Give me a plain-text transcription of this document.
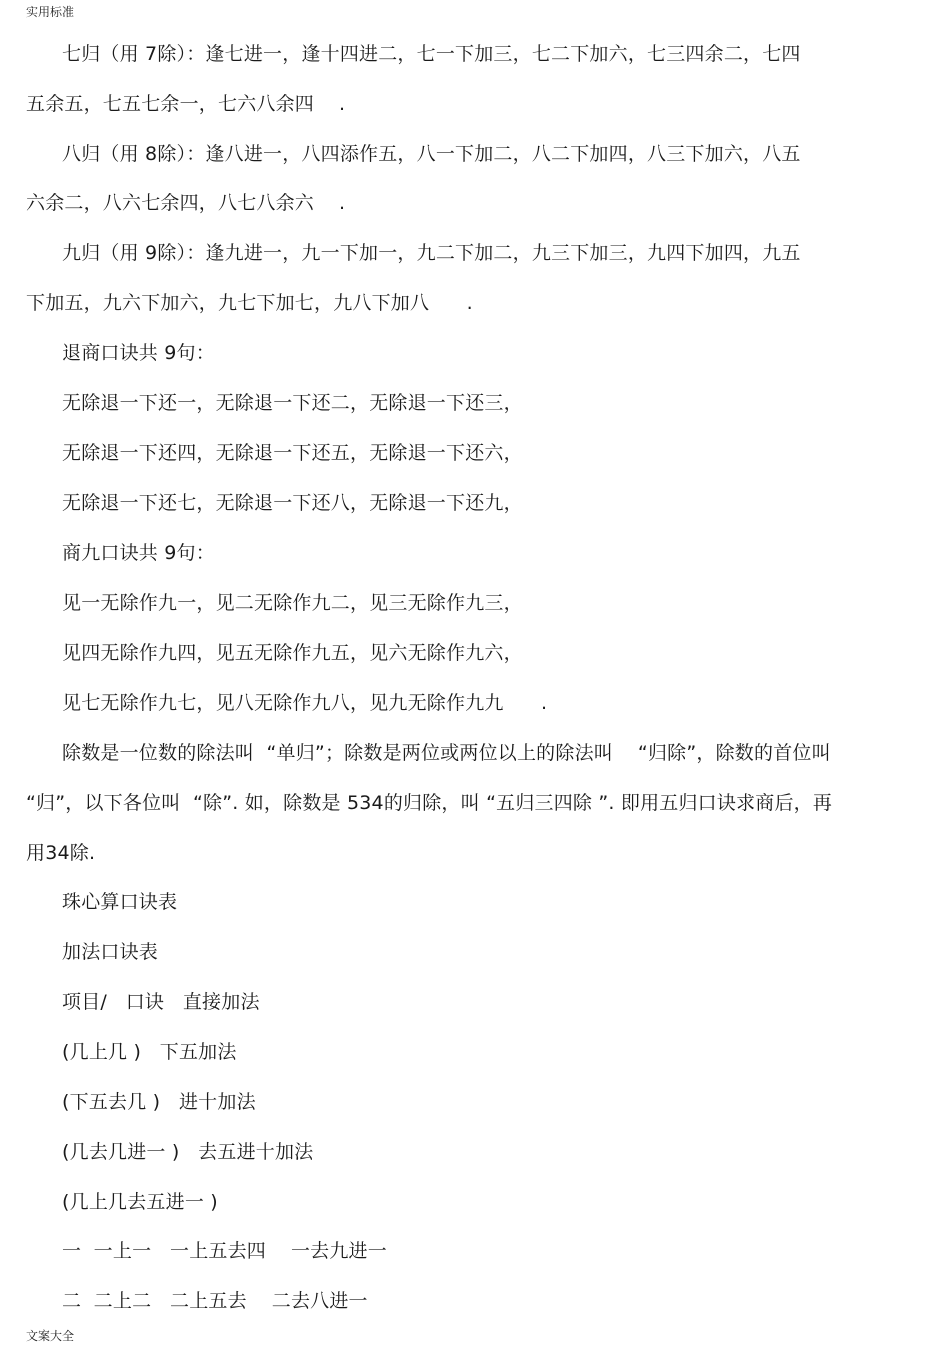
实用标准
七归（用 7除）：逢七进一，逢十四进二，七一下加三，七二下加六，七三四余二，七四
五余五，七五七余一，七六八余四    .
八归（用 8除）：逢八进一，八四添作五，八一下加二，八二下加四，八三下加六，八五
六余二，八六七余四，八七八余六    .
九归（用 9除）：逢九进一，九一下加一，九二下加二，九三下加三，九四下加四，九五
下加五，九六下加六，九七下加七，九八下加八      .
退商口诀共 9句：
无除退一下还一，无除退一下还二，无除退一下还三，
无除退一下还四，无除退一下还五，无除退一下还六，
无除退一下还七，无除退一下还八，无除退一下还九，
商九口诀共 9句：
见一无除作九一，见二无除作九二，见三无除作九三，
见四无除作九四，见五无除作九五，见六无除作九六，
见七无除作九七，见八无除作九八，见九无除作九九      .
除数是一位数的除法叫  “单归”；除数是两位或两位以上的除法叫    “归除”，除数的首位叫
“归”，以下各位叫  “除”. 如，除数是 534的归除，叫 “五归三四除 ”. 即用五归口诀求商后，再
用34除.
珠心算口诀表
加法口诀表
项目/   口诀   直接加法
(几上几 )   下五加法
(下五去几 )   进十加法
(几去几进一 )   去五进十加法
(几上几去五进一 )
一  一上一   一上五去四    一去九进一
二  二上二   二上五去    二去八进一
文案大全
